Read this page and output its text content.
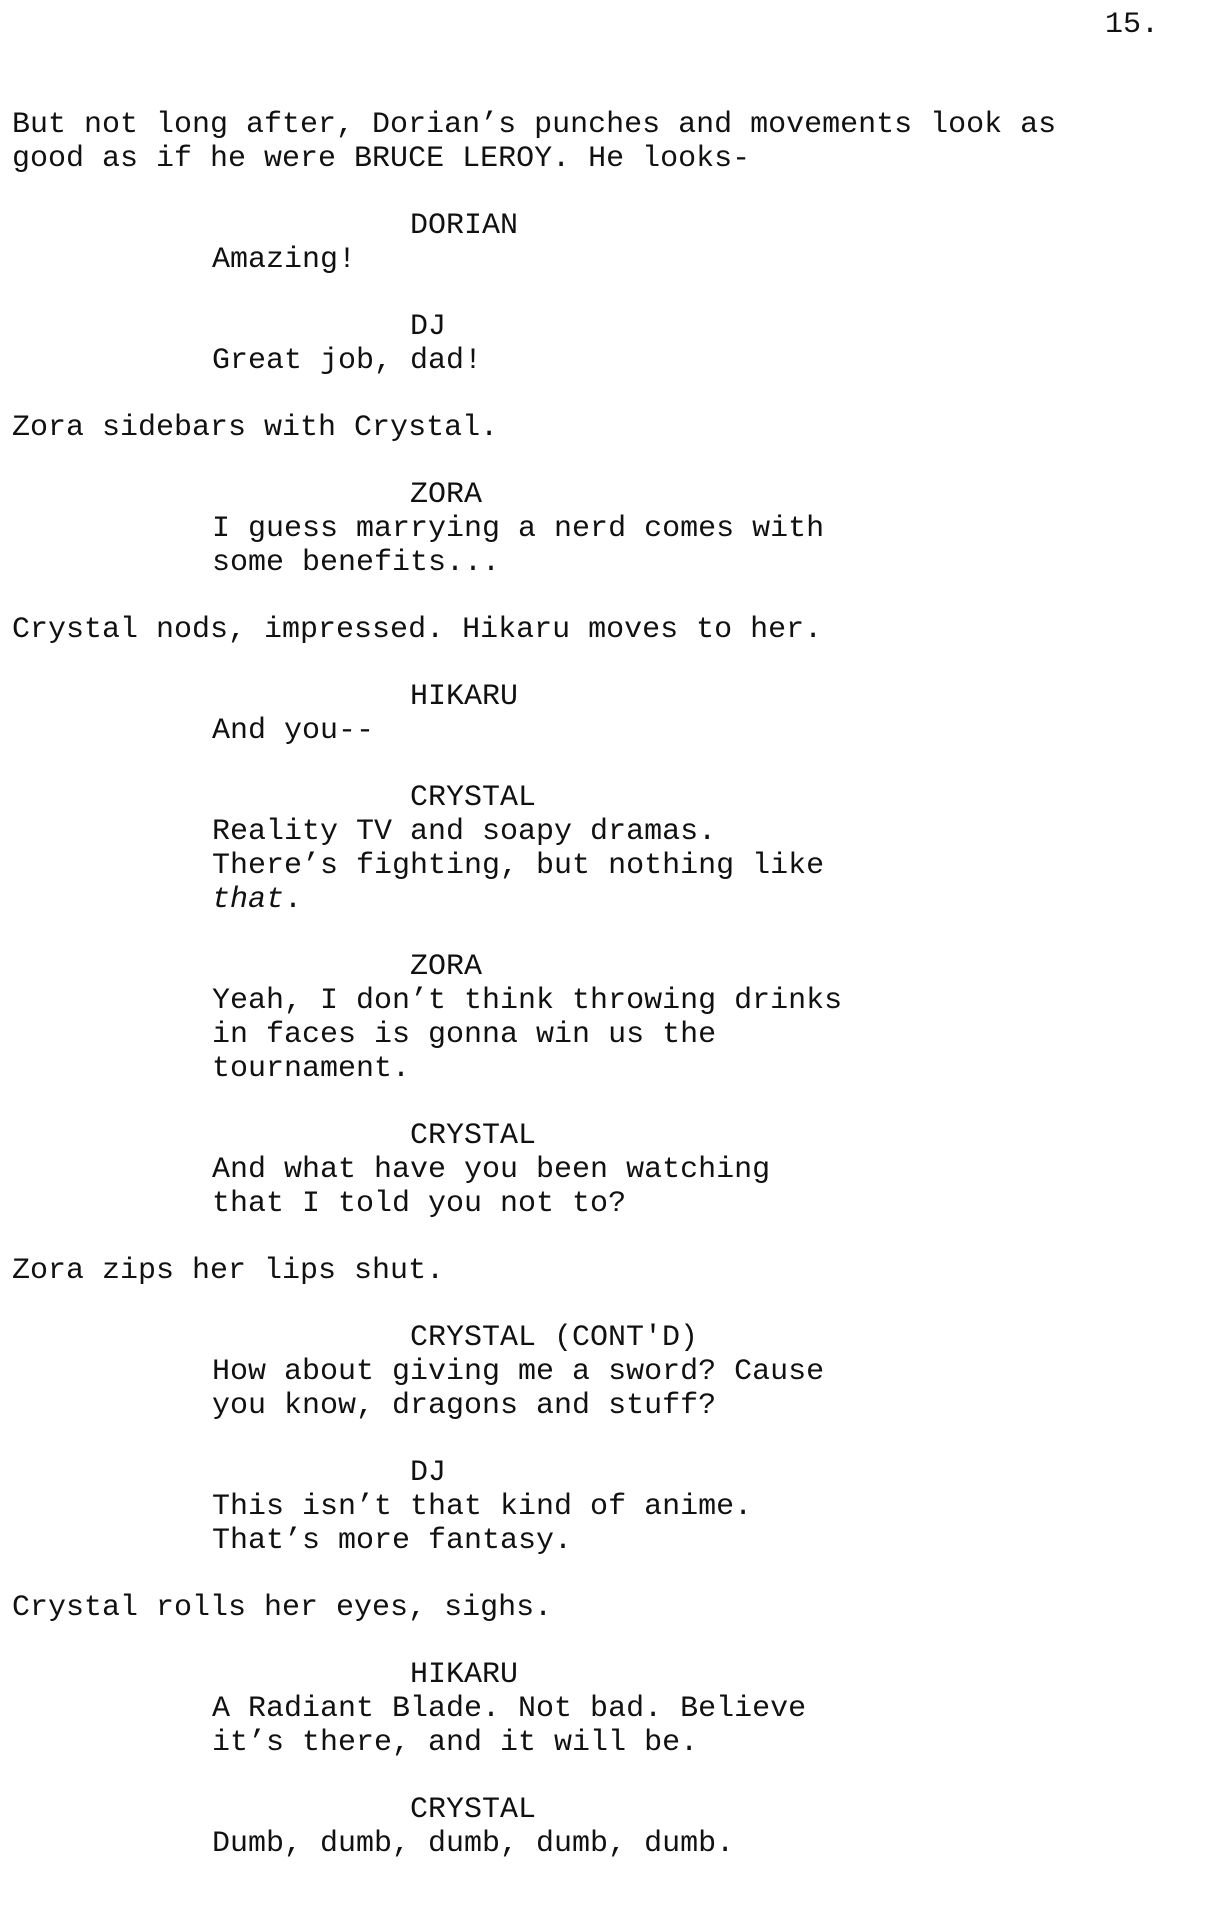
15.

But not long after, Dorian’s punches and movements look as
good as if he were BRUCE LEROY. He looks-

DORIAN

Amazing!

DJ

Great job, dad!

Zora sidebars with Crystal.

ZORA

I guess marrying a nerd comes with
some benefits...

Crystal nods, impressed. Hikaru moves to her.

HIKARU

And you--

CRYSTAL

Reality TV and soapy dramas.
There’s fighting, but nothing like
that.

ZORA

Yeah, I don’t think throwing drinks
in faces is gonna win us the
tournament.

CRYSTAL

And what have you been watching
that I told you not to?

Zora zips her lips shut.

CRYSTAL (CONT'D)

How about giving me a sword? Cause
you know, dragons and stuff?

DJ

This isn’t that kind of anime.
That’s more fantasy.

Crystal rolls her eyes, sighs.

HIKARU

A Radiant Blade. Not bad. Believe
it’s there, and it will be.

CRYSTAL

Dumb, dumb, dumb, dumb, dumb.
